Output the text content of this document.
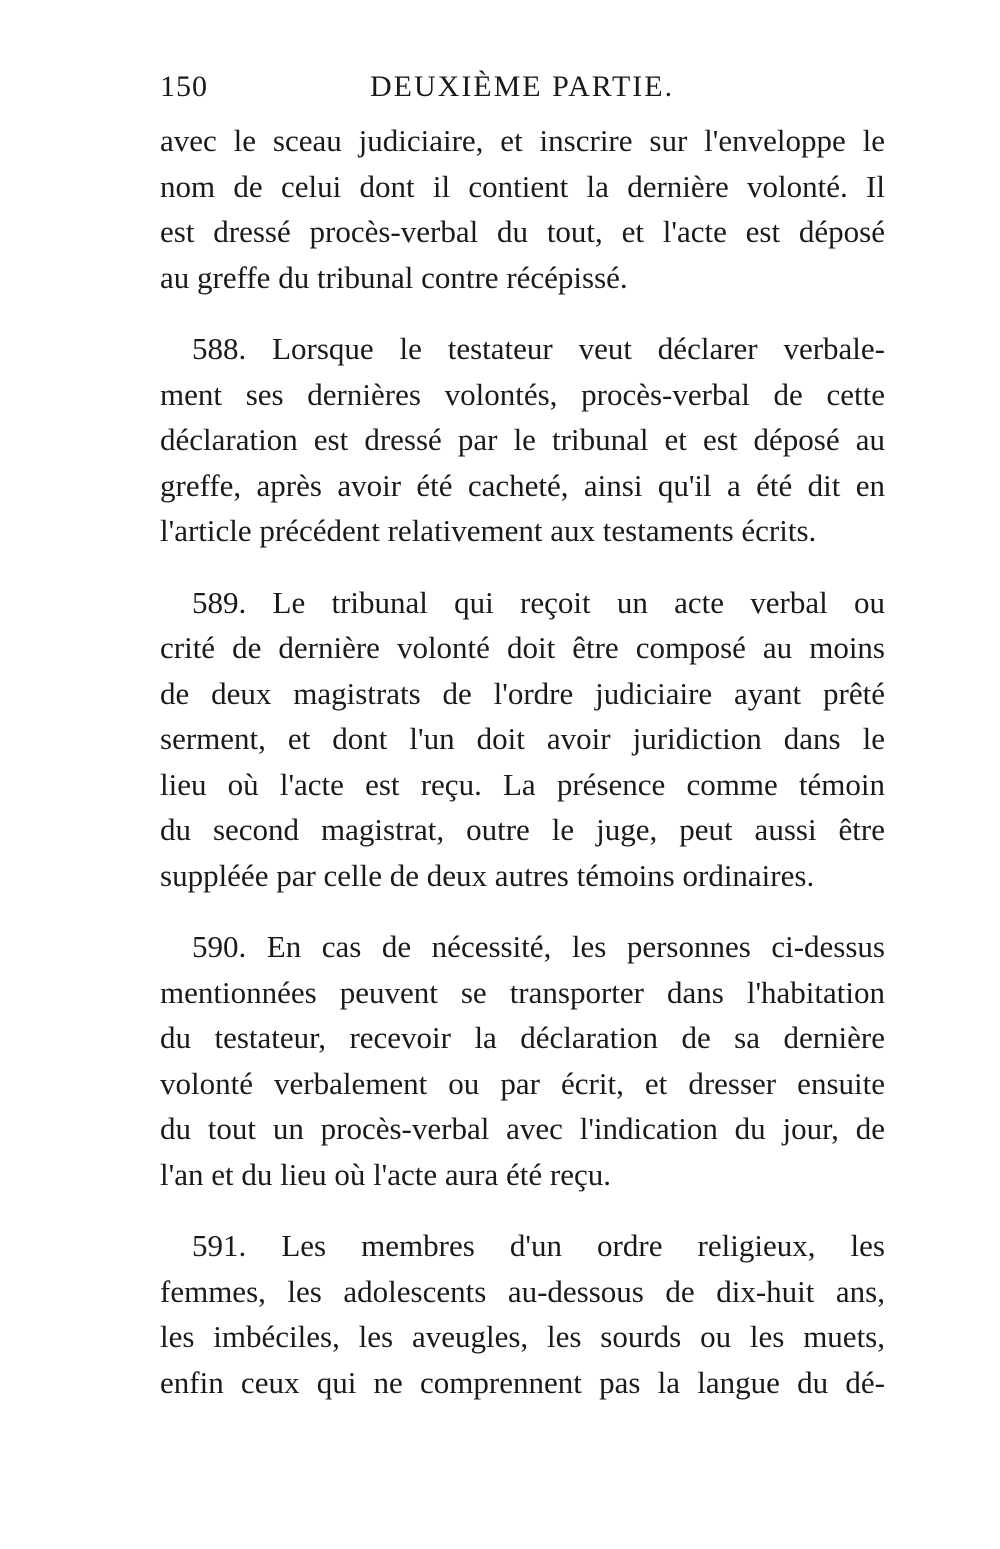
150	DEUXIÈME PARTIE.
avec le sceau judiciaire, et inscrire sur l'enveloppe le
nom de celui dont il contient la dernière volonté. Il
est dressé procès-verbal du tout, et l'acte est déposé
au greffe du tribunal contre récépissé.
588. Lorsque le testateur veut déclarer verbale-
ment ses dernières volontés, procès-verbal de cette
déclaration est dressé par le tribunal et est déposé au
greffe, après avoir été cacheté, ainsi qu'il a été dit en
l'article précédent relativement aux testaments écrits.
589. Le tribunal qui reçoit un acte verbal ou
crité de dernière volonté doit être composé au moins
de deux magistrats de l'ordre judiciaire ayant prêté
serment, et dont l'un doit avoir juridiction dans le
lieu où l'acte est reçu. La présence comme témoin
du second magistrat, outre le juge, peut aussi être
suppléée par celle de deux autres témoins ordinaires.
590. En cas de nécessité, les personnes ci-dessus
mentionnées peuvent se transporter dans l'habitation
du testateur, recevoir la déclaration de sa dernière
volonté verbalement ou par écrit, et dresser ensuite
du tout un procès-verbal avec l'indication du jour, de
l'an et du lieu où l'acte aura été reçu.
591. Les membres d'un ordre religieux, les
femmes, les adolescents au-dessous de dix-huit ans,
les imbéciles, les aveugles, les sourds ou les muets,
enfin ceux qui ne comprennent pas la langue du dé-
